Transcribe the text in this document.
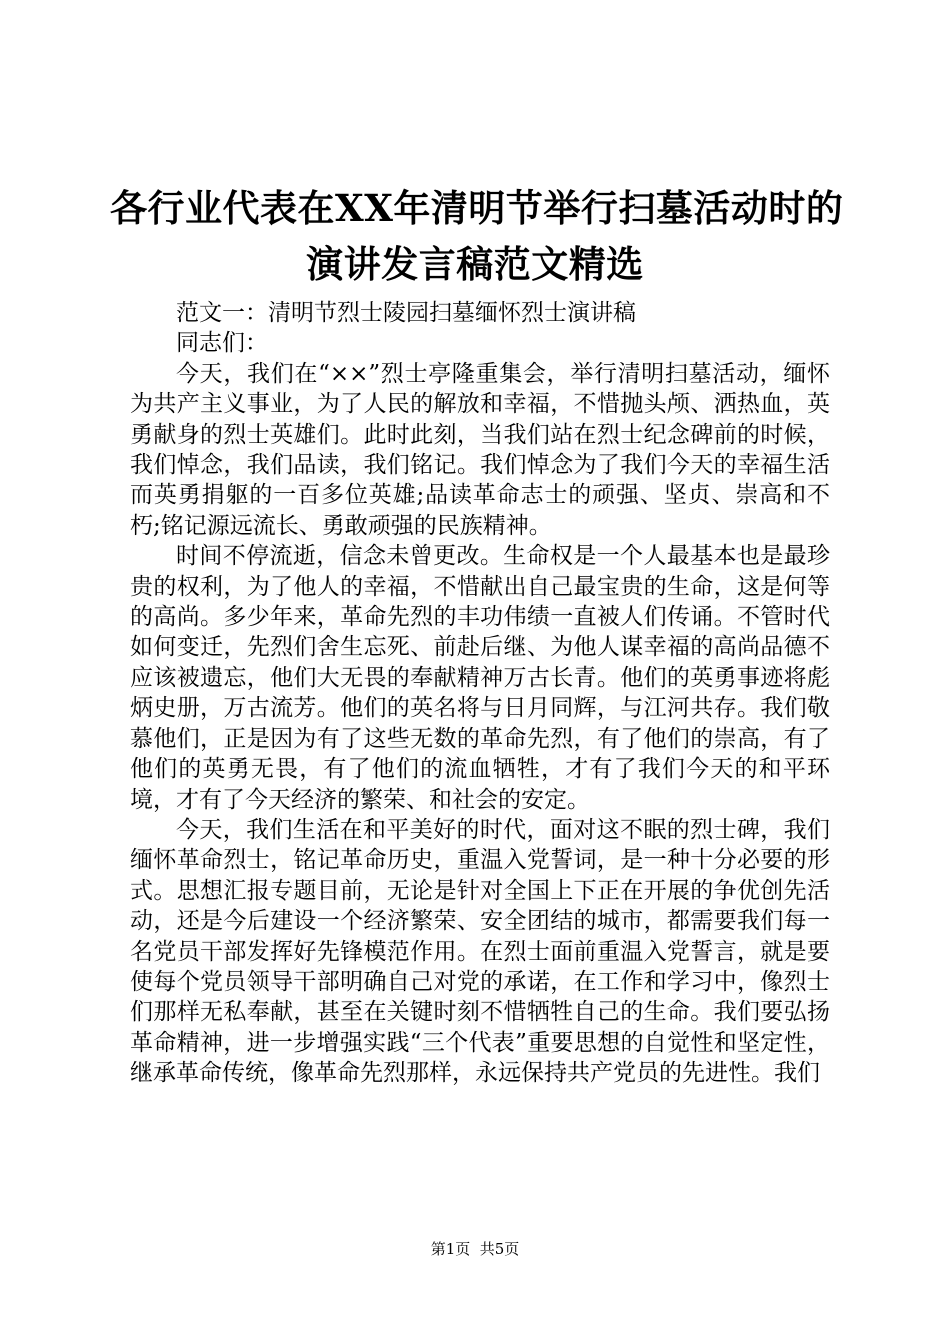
各行业代表在XX年清明节举行扫墓活动时的
演讲发言稿范文精选

范文一：清明节烈士陵园扫墓缅怀烈士演讲稿

同志们：

今天，我们在“××”烈士亭隆重集会，举行清明扫墓活动，缅怀为共产主义事业，为了人民的解放和幸福，不惜抛头颅、洒热血，英勇献身的烈士英雄们。此时此刻，当我们站在烈士纪念碑前的时候，我们悼念，我们品读，我们铭记。我们悼念为了我们今天的幸福生活而英勇捐躯的一百多位英雄;品读革命志士的顽强、坚贞、崇高和不朽;铭记源远流长、勇敢顽强的民族精神。

时间不停流逝，信念未曾更改。生命权是一个人最基本也是最珍贵的权利，为了他人的幸福，不惜献出自己最宝贵的生命，这是何等的高尚。多少年来，革命先烈的丰功伟绩一直被人们传诵。不管时代如何变迁，先烈们舍生忘死、前赴后继、为他人谋幸福的高尚品德不应该被遗忘，他们大无畏的奉献精神万古长青。他们的英勇事迹将彪炳史册，万古流芳。他们的英名将与日月同辉，与江河共存。我们敬慕他们，正是因为有了这些无数的革命先烈，有了他们的崇高，有了他们的英勇无畏，有了他们的流血牺牲，才有了我们今天的和平环境，才有了今天经济的繁荣、和社会的安定。

今天，我们生活在和平美好的时代，面对这不眠的烈士碑，我们缅怀革命烈士，铭记革命历史，重温入党誓词，是一种十分必要的形式。思想汇报专题目前，无论是针对全国上下正在开展的争优创先活动，还是今后建设一个经济繁荣、安全团结的城市，都需要我们每一名党员干部发挥好先锋模范作用。在烈士面前重温入党誓言，就是要使每个党员领导干部明确自己对党的承诺，在工作和学习中，像烈士们那样无私奉献，甚至在关键时刻不惜牺牲自己的生命。我们要弘扬革命精神，进一步增强实践“三个代表”重要思想的自觉性和坚定性，继承革命传统，像革命先烈那样，永远保持共产党员的先进性。我们

第1页  共5页
